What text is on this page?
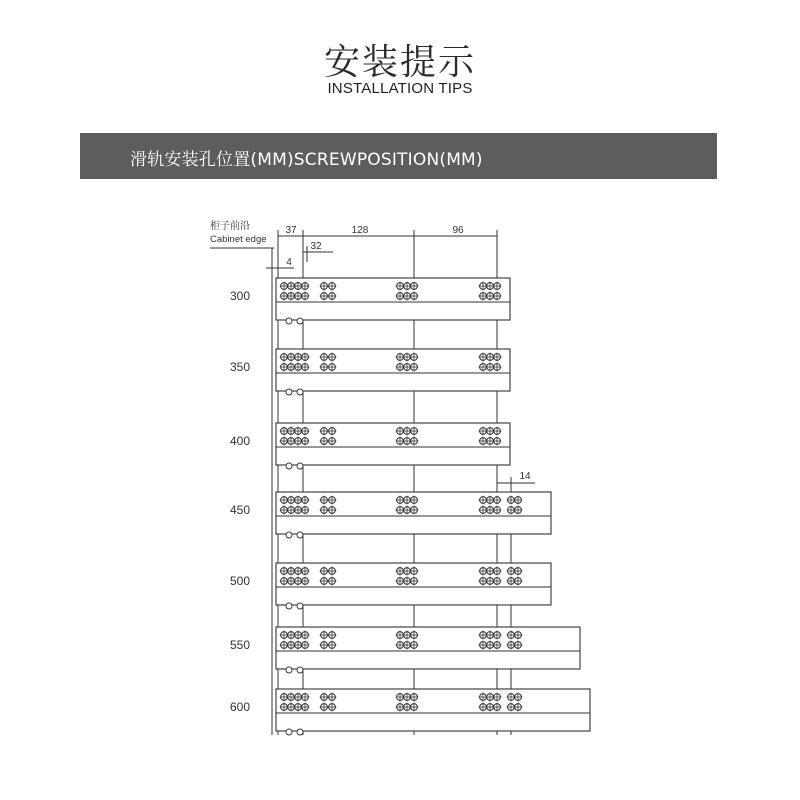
安装提示
INSTALLATION TIPS
滑轨安装孔位置(MM)SCREWPOSITION(MM)
柜子前沿
Cabinet edge
37	128	96
32
4
14
300
350
400
450
500
550
600
